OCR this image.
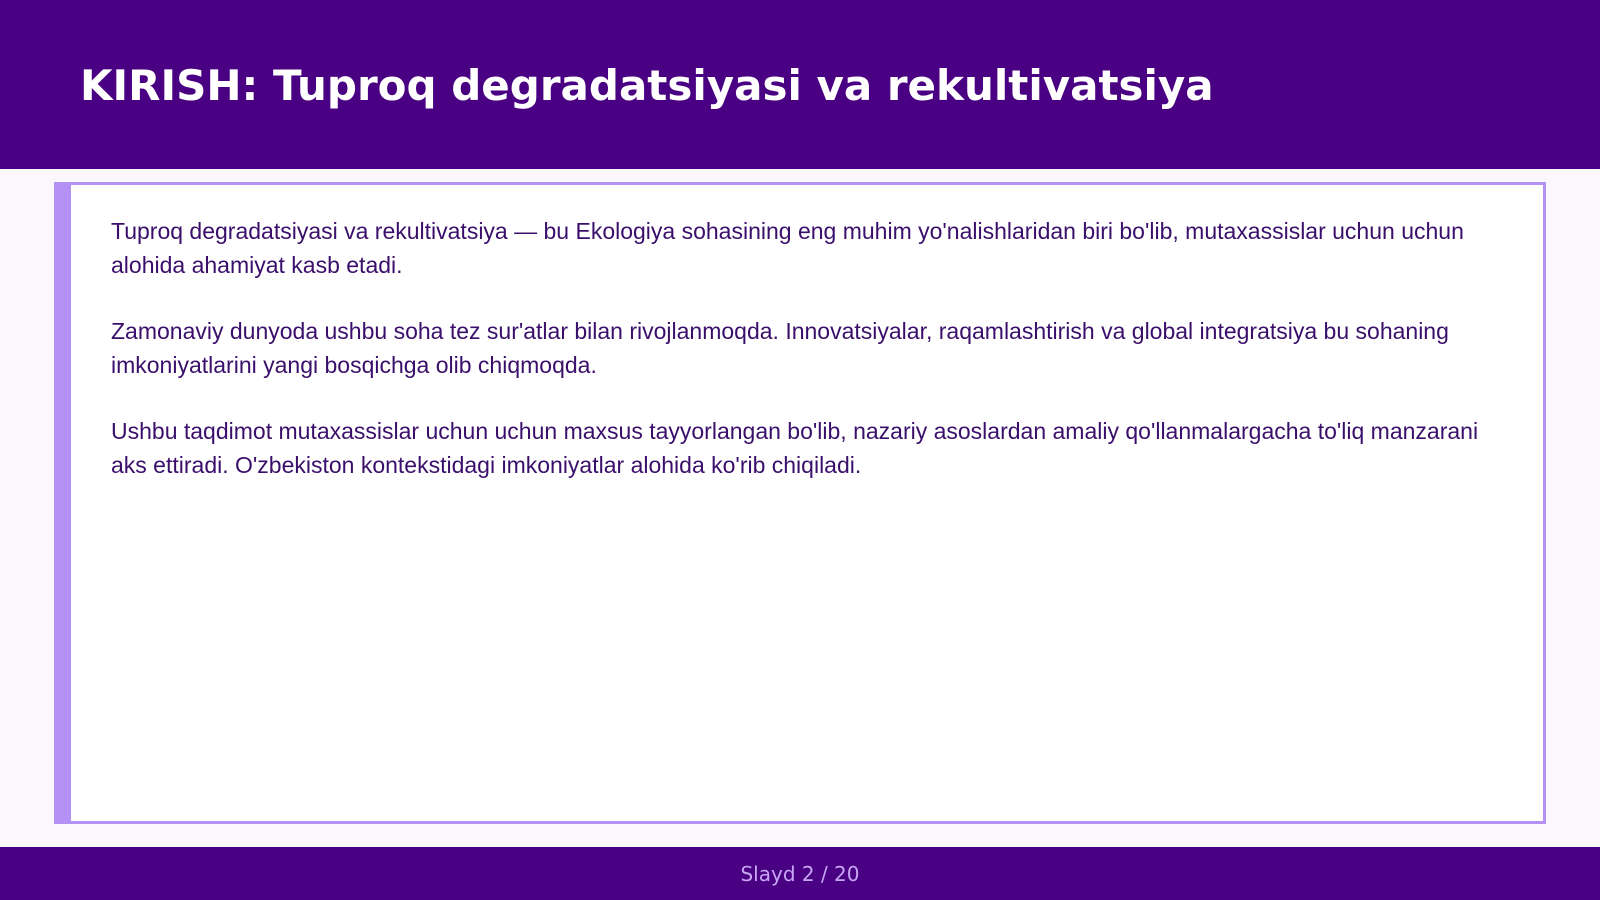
KIRISH: Tuproq degradatsiyasi va rekultivatsiya

Tuproq degradatsiyasi va rekultivatsiya — bu Ekologiya sohasining eng muhim yo'nalishlaridan biri bo'lib, mutaxassislar uchun uchun alohida ahamiyat kasb etadi.

Zamonaviy dunyoda ushbu soha tez sur'atlar bilan rivojlanmoqda. Innovatsiyalar, raqamlashtirish va global integratsiya bu sohaning imkoniyatlarini yangi bosqichga olib chiqmoqda.

Ushbu taqdimot mutaxassislar uchun uchun maxsus tayyorlangan bo'lib, nazariy asoslardan amaliy qo'llanmalargacha to'liq manzarani aks ettiradi. O'zbekiston kontekstidagi imkoniyatlar alohida ko'rib chiqiladi.

Slayd 2 / 20
